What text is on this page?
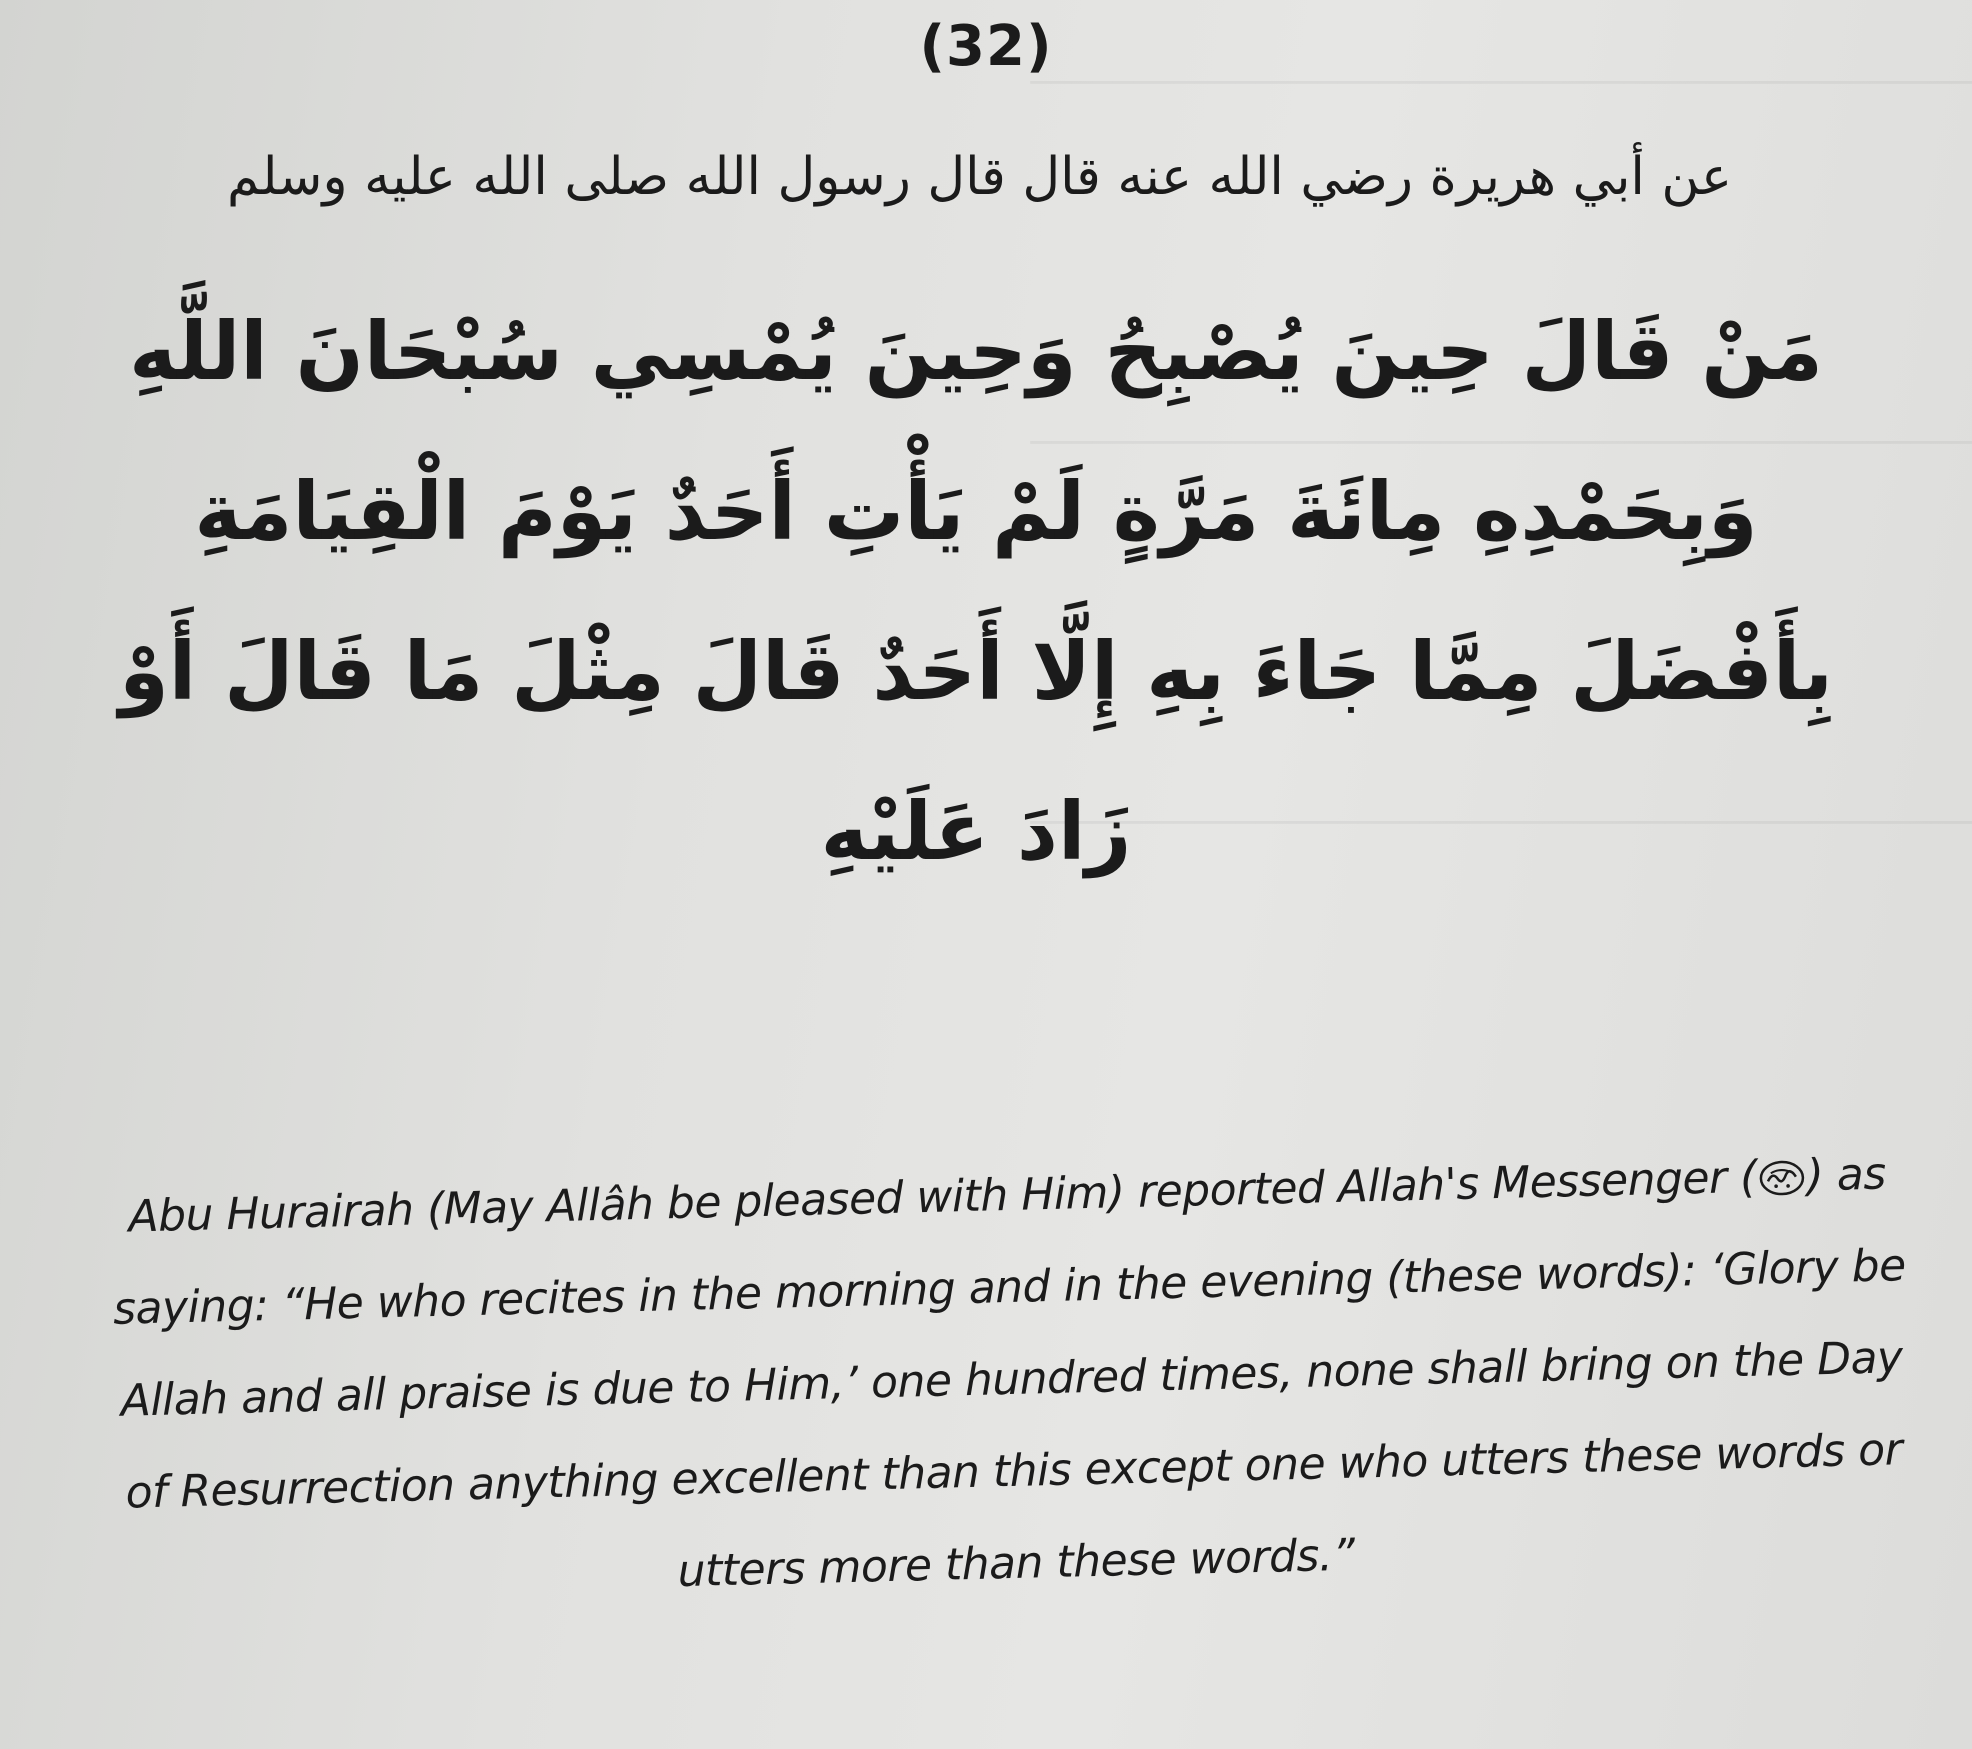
──────────────────────────────────────────────
──────────────────────────────────────────────
──────────────────────────────────────────────
(32)
عن أبي هريرة رضي الله عنه قال قال رسول الله صلى الله عليه وسلم
مَنْ قَالَ حِينَ يُصْبِحُ وَحِينَ يُمْسِي سُبْحَانَ اللَّهِ وَبِحَمْدِهِ مِائَةَ مَرَّةٍ لَمْ يَأْتِ أَحَدٌ يَوْمَ الْقِيَامَةِ بِأَفْضَلَ مِمَّا جَاءَ بِهِ إِلَّا أَحَدٌ قَالَ مِثْلَ مَا قَالَ أَوْ زَادَ عَلَيْهِ
Abu Hurairah (May Allâh be pleased with Him) reported Allah's Messenger ( ) as saying: “He who recites in the morning and in the evening (these words): ‘Glory be Allah and all praise is due to Him,’ one hundred times, none shall bring on the Day of Resurrection anything excellent than this except one who utters these words or utters more than these words.”
